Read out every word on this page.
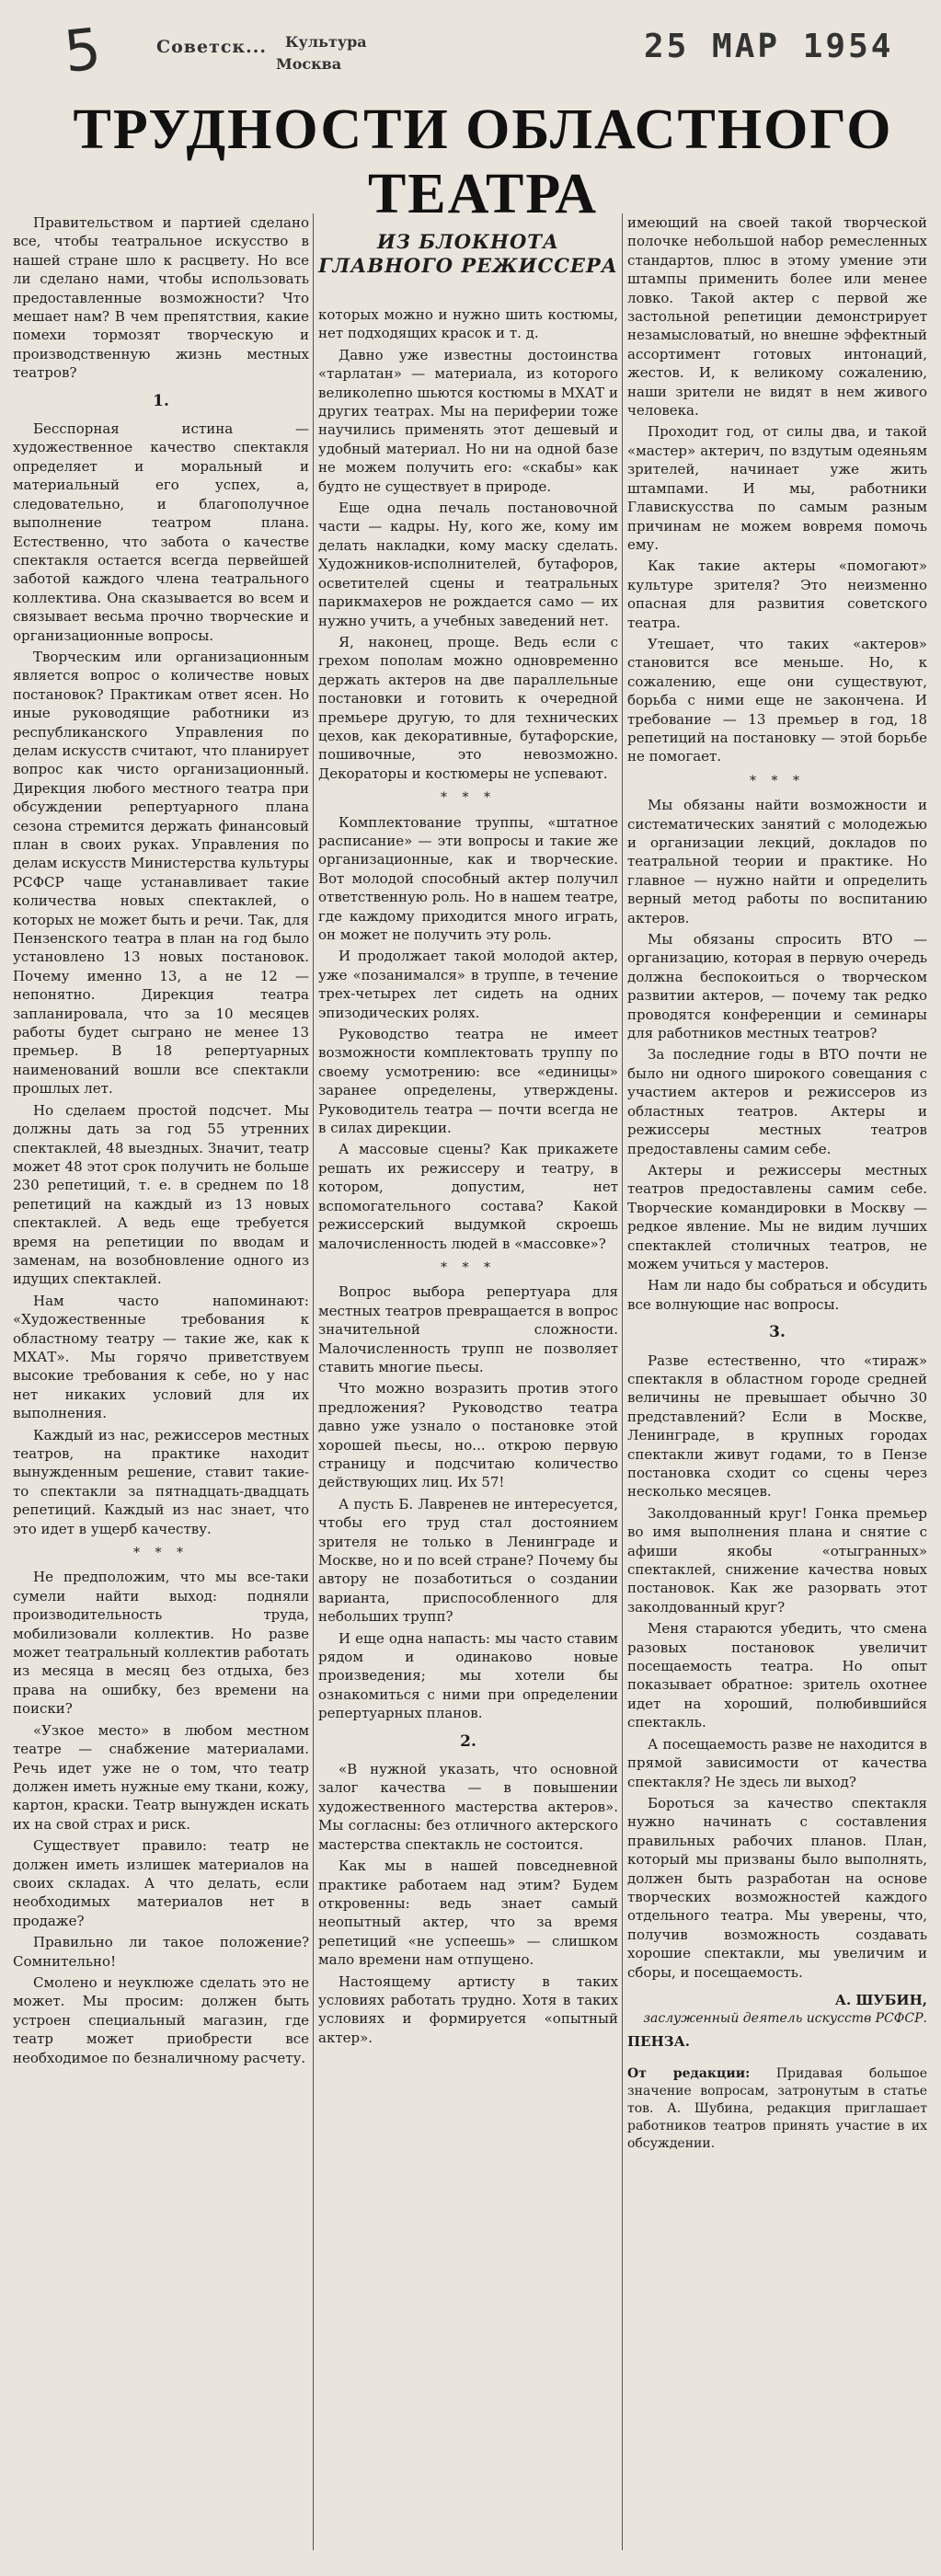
5	Советск... Культура
Москва	25 МАР 1954
ТРУДНОСТИ ОБЛАСТНОГО ТЕАТРА

Правительством и партией сделано все, чтобы театральное искусство в нашей стране шло к расцвету. Но все ли сделано нами, чтобы использовать предоставленные возможности? Что мешает нам? В чем препятствия, какие помехи тормозят творческую и производственную жизнь местных театров?

1.

Бесспорная истина — художественное качество спектакля определяет и моральный и материальный его успех, а, следовательно, и благополучное выполнение театром плана. Естественно, что забота о качестве спектакля остается всегда первейшей заботой каждого члена театрального коллектива. Она сказывается во всем и связывает весьма прочно творческие и организационные вопросы.

Творческим или организационным является вопрос о количестве новых постановок? Практикам ответ ясен. Но иные руководящие работники из республиканского Управления по делам искусств считают, что планирует вопрос как чисто организационный. Дирекция любого местного театра при обсуждении репертуарного плана сезона стремится держать финансовый план в своих руках. Управления по делам искусств Министерства культуры РСФСР чаще устанавливает такие количества новых спектаклей, о которых не может быть и речи. Так, для Пензенского театра в план на год было установлено 13 новых постановок. Почему именно 13, а не 12 — непонятно. Дирекция театра запланировала, что за 10 месяцев работы будет сыграно не менее 13 премьер. В 18 репертуарных наименований вошли все спектакли прошлых лет.

Но сделаем простой подсчет. Мы должны дать за год 55 утренних спектаклей, 48 выездных. Значит, театр может 48 этот срок получить не больше 230 репетиций, т. е. в среднем по 18 репетиций на каждый из 13 новых спектаклей. А ведь еще требуется время на репетиции по вводам и заменам, на возобновление одного из идущих спектаклей.

Нам часто напоминают: «Художественные требования к областному театру — такие же, как к МХАТ». Мы горячо приветствуем высокие требования к себе, но у нас нет никаких условий для их выполнения.

Каждый из нас, режиссеров местных театров, на практике находит вынужденным решение, ставит такие-то спектакли за пятнадцать-двадцать репетиций. Каждый из нас знает, что это идет в ущерб качеству.

* * *

Не предположим, что мы все-таки сумели найти выход: подняли производительность труда, мобилизовали коллектив. Но разве может театральный коллектив работать из месяца в месяц без отдыха, без права на ошибку, без времени на поиски?

«Узкое место» в любом местном театре — снабжение материалами. Речь идет уже не о том, что театр должен иметь нужные ему ткани, кожу, картон, краски. Театр вынужден искать их на свой страх и риск.

Существует правило: театр не должен иметь излишек материалов на своих складах. А что делать, если необходимых материалов нет в продаже?

Правильно ли такое положение? Сомнительно!

Смолено и неуклюже сделать это не может. Мы просим: должен быть устроен специальный магазин, где театр может приобрести все необходимое по безналичному расчету.

ИЗ БЛОКНОТА ГЛАВНОГО РЕЖИССЕРА

которых можно и нужно шить костюмы, нет подходящих красок и т. д.

Давно уже известны достоинства «тарлатан» — материала, из которого великолепно шьются костюмы в МХАТ и других театрах. Мы на периферии тоже научились применять этот дешевый и удобный материал. Но ни на одной базе не можем получить его: «скабы» как будто не существует в природе.

Еще одна печаль постановочной части — кадры. Ну, кого же, кому им делать накладки, кому маску сделать. Художников-исполнителей, бутафоров, осветителей сцены и театральных парикмахеров не рождается само — их нужно учить, а учебных заведений нет.

Я, наконец, проще. Ведь если с грехом пополам можно одновременно держать актеров на две параллельные постановки и готовить к очередной премьере другую, то для технических цехов, как декоративные, бутафорские, пошивочные, это невозможно. Декораторы и костюмеры не успевают.

* * *

Комплектование труппы, «штатное расписание» — эти вопросы и такие же организационные, как и творческие. Вот молодой способный актер получил ответственную роль. Но в нашем театре, где каждому приходится много играть, он может не получить эту роль.

И продолжает такой молодой актер, уже «позанимался» в труппе, в течение трех-четырех лет сидеть на одних эпизодических ролях.

Руководство театра не имеет возможности комплектовать труппу по своему усмотрению: все «единицы» заранее определены, утверждены. Руководитель театра — почти всегда не в силах дирекции.

А массовые сцены? Как прикажете решать их режиссеру и театру, в котором, допустим, нет вспомогательного состава? Какой режиссерский выдумкой скроешь малочисленность людей в «массовке»?

* * *

Вопрос выбора репертуара для местных театров превращается в вопрос значительной сложности. Малочисленность трупп не позволяет ставить многие пьесы.

Что можно возразить против этого предложения? Руководство театра давно уже узнало о постановке этой хорошей пьесы, но... открою первую страницу и подсчитаю количество действующих лиц. Их 57!

А пусть Б. Лавренев не интересуется, чтобы его труд стал достоянием зрителя не только в Ленинграде и Москве, но и по всей стране? Почему бы автору не позаботиться о создании варианта, приспособленного для небольших трупп?

И еще одна напасть: мы часто ставим рядом и одинаково новые произведения; мы хотели бы ознакомиться с ними при определении репертуарных планов.

2.

«В нужной указать, что основной залог качества — в повышении художественного мастерства актеров». Мы согласны: без отличного актерского мастерства спектакль не состоится.

Как мы в нашей повседневной практике работаем над этим? Будем откровенны: ведь знает самый неопытный актер, что за время репетиций «не успеешь» — слишком мало времени нам отпущено.

Настоящему артисту в таких условиях работать трудно. Хотя в таких условиях и формируется «опытный актер».

имеющий на своей такой творческой полочке небольшой набор ремесленных стандартов, плюс в этому умение эти штампы применить более или менее ловко. Такой актер с первой же застольной репетиции демонстрирует незамысловатый, но внешне эффектный ассортимент готовых интонаций, жестов. И, к великому сожалению, наши зрители не видят в нем живого человека.

Проходит год, от силы два, и такой «мастер» актерич, по вздутым одеяньям зрителей, начинает уже жить штампами. И мы, работники Главискусства по самым разным причинам не можем вовремя помочь ему.

Как такие актеры «помогают» культуре зрителя? Это неизменно опасная для развития советского театра.

Утешает, что таких «актеров» становится все меньше. Но, к сожалению, еще они существуют, борьба с ними еще не закончена. И требование — 13 премьер в год, 18 репетиций на постановку — этой борьбе не помогает.

* * *

Мы обязаны найти возможности и систематических занятий с молодежью и организации лекций, докладов по театральной теории и практике. Но главное — нужно найти и определить верный метод работы по воспитанию актеров.

Мы обязаны спросить ВТО — организацию, которая в первую очередь должна беспокоиться о творческом развитии актеров, — почему так редко проводятся конференции и семинары для работников местных театров?

За последние годы в ВТО почти не было ни одного широкого совещания с участием актеров и режиссеров из областных театров. Актеры и режиссеры местных театров предоставлены самим себе.

Актеры и режиссеры местных театров предоставлены самим себе. Творческие командировки в Москву — редкое явление. Мы не видим лучших спектаклей столичных театров, не можем учиться у мастеров.

Нам ли надо бы собраться и обсудить все волнующие нас вопросы.

3.

Разве естественно, что «тираж» спектакля в областном городе средней величины не превышает обычно 30 представлений? Если в Москве, Ленинграде, в крупных городах спектакли живут годами, то в Пензе постановка сходит со сцены через несколько месяцев.

Заколдованный круг! Гонка премьер во имя выполнения плана и снятие с афиши якобы «отыгранных» спектаклей, снижение качества новых постановок. Как же разорвать этот заколдованный круг?

Меня стараются убедить, что смена разовых постановок увеличит посещаемость театра. Но опыт показывает обратное: зритель охотнее идет на хороший, полюбившийся спектакль.

А посещаемость разве не находится в прямой зависимости от качества спектакля? Не здесь ли выход?

Бороться за качество спектакля нужно начинать с составления правильных рабочих планов. План, который мы призваны было выполнять, должен быть разработан на основе творческих возможностей каждого отдельного театра. Мы уверены, что, получив возможность создавать хорошие спектакли, мы увеличим и сборы, и посещаемость.

А. ШУБИН,
заслуженный деятель искусств РСФСР.
ПЕНЗА.
От редакции: Придавая большое значение вопросам, затронутым в статье тов. А. Шубина, редакция приглашает работников театров принять участие в их обсуждении.
